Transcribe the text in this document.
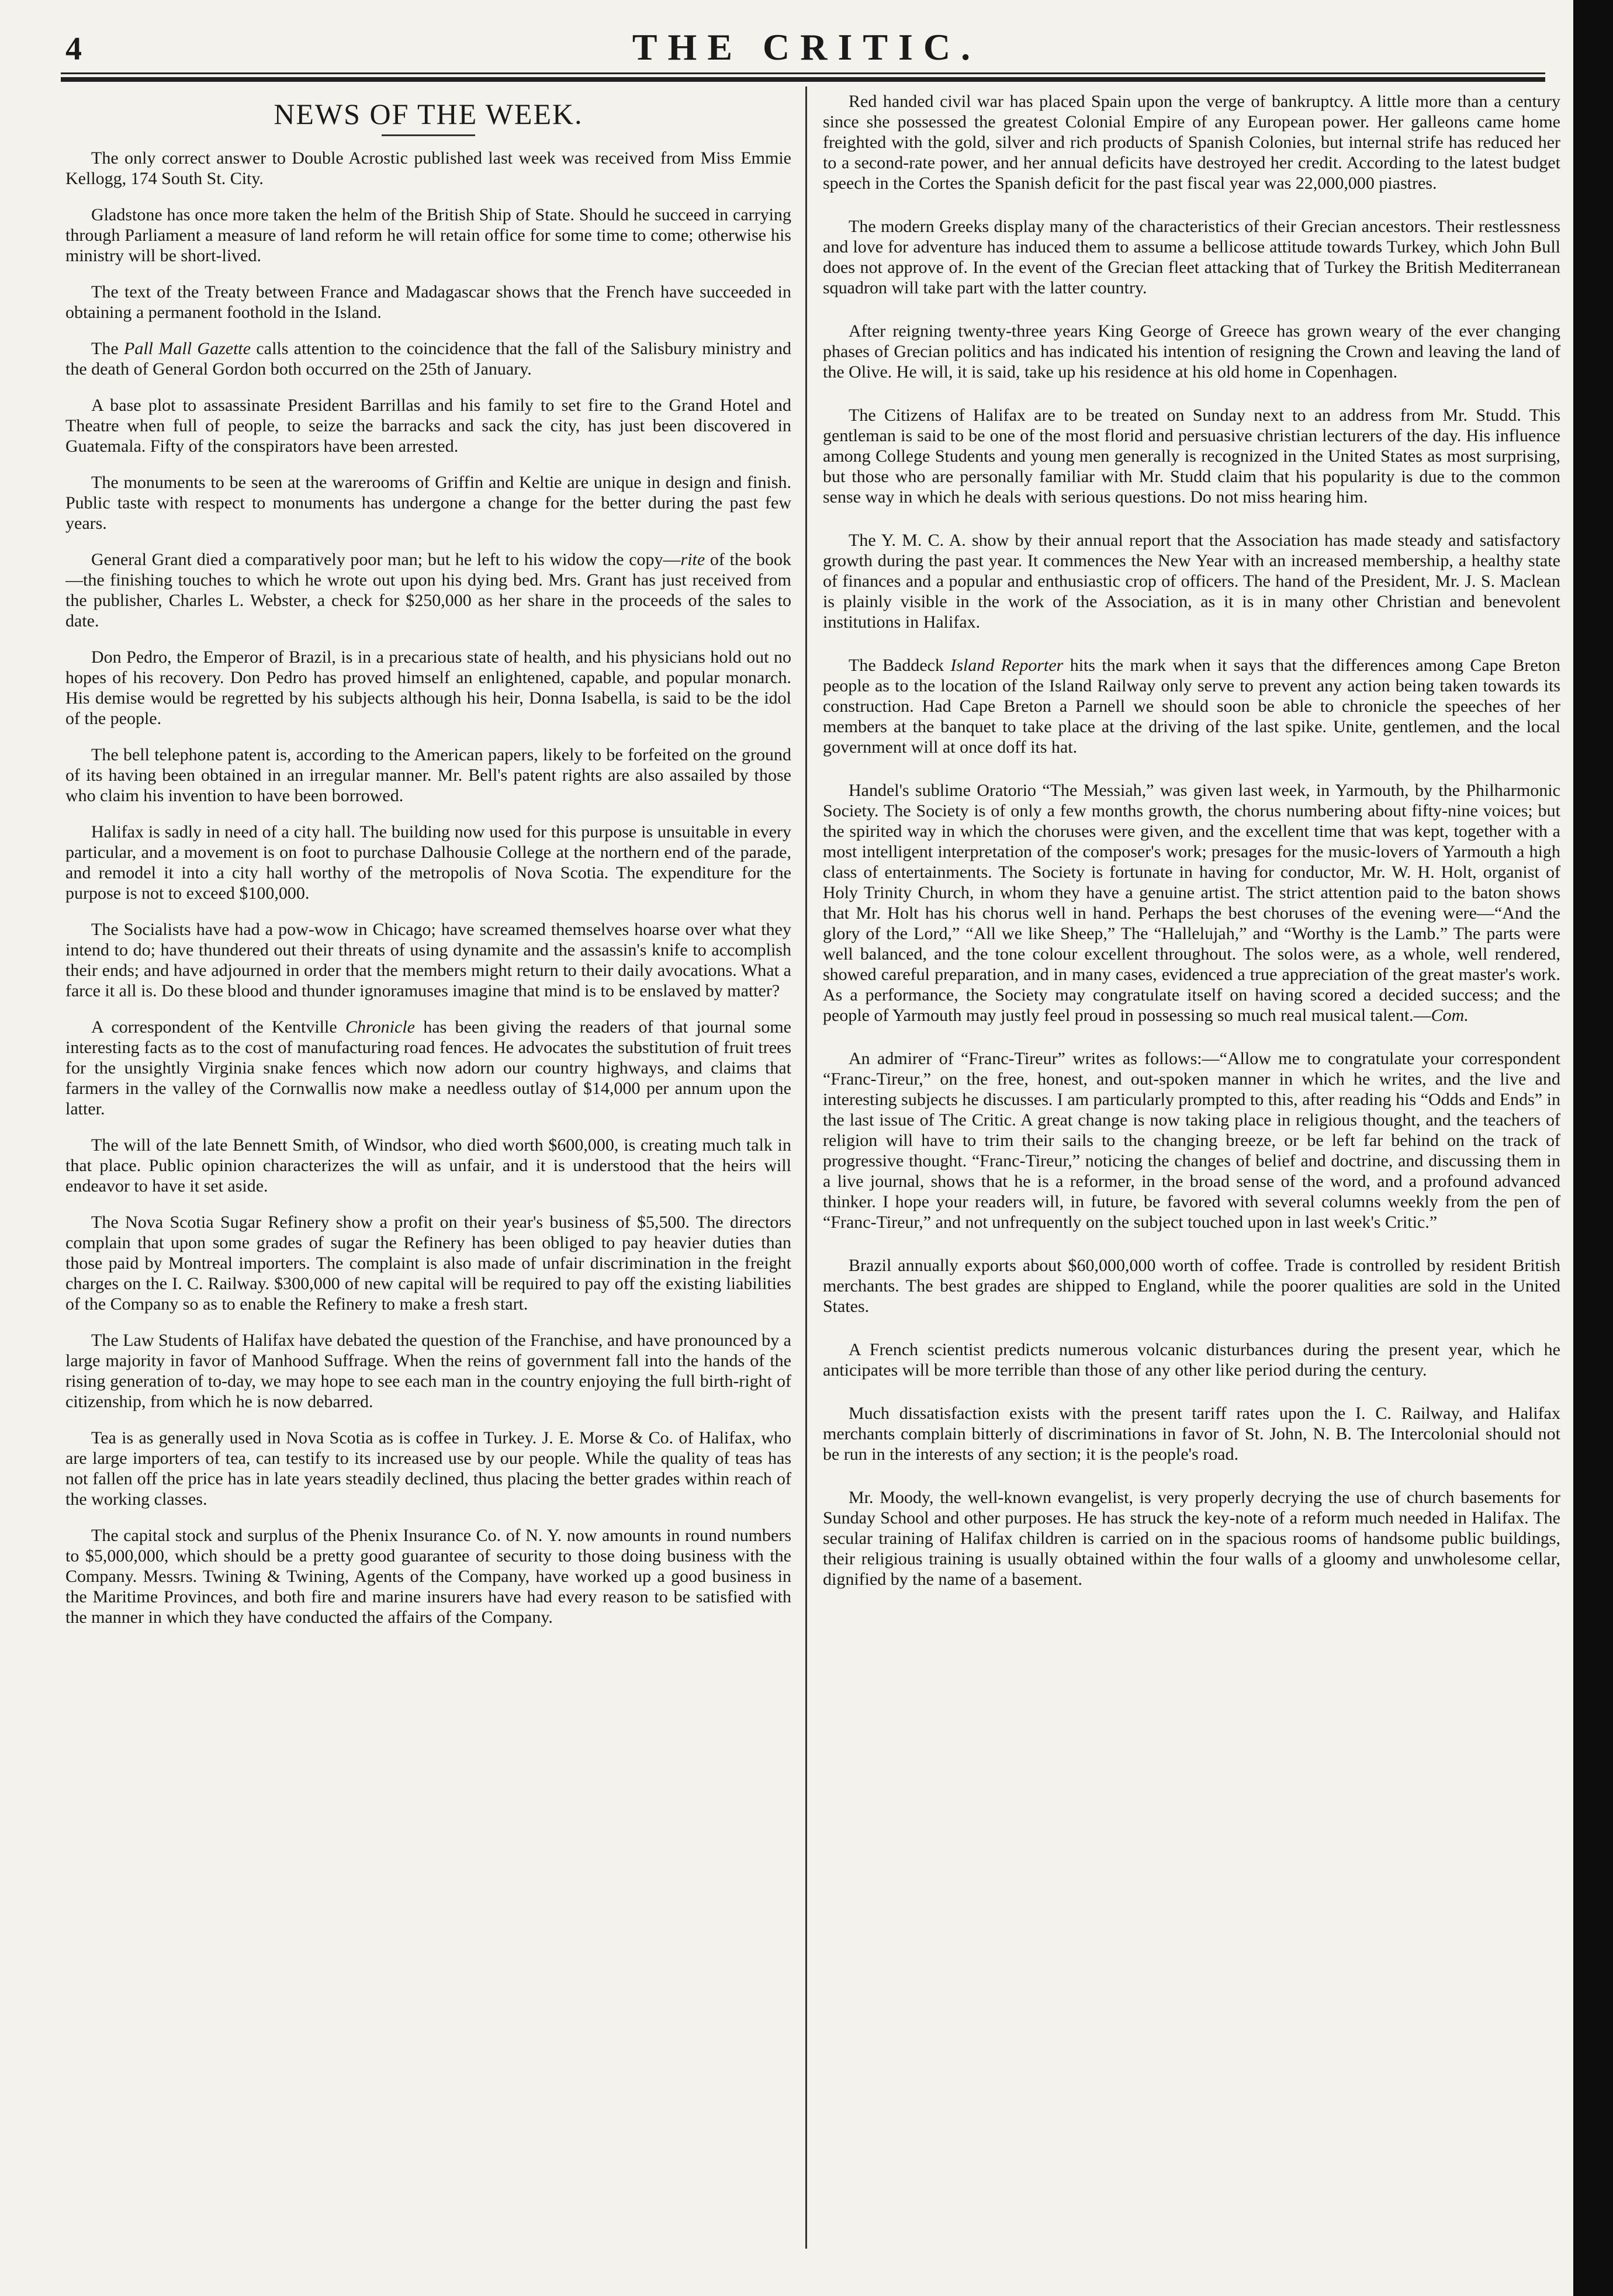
4	THE CRITIC.
NEWS OF THE WEEK.

The only correct answer to Double Acrostic published last week was received from Miss Emmie Kellogg, 174 South St. City.

Gladstone has once more taken the helm of the British Ship of State. Should he succeed in carrying through Parliament a measure of land reform he will retain office for some time to come; otherwise his ministry will be short-lived.

The text of the Treaty between France and Madagascar shows that the French have succeeded in obtaining a permanent foothold in the Island.

The Pall Mall Gazette calls attention to the coincidence that the fall of the Salisbury ministry and the death of General Gordon both occurred on the 25th of January.

A base plot to assassinate President Barrillas and his family to set fire to the Grand Hotel and Theatre when full of people, to seize the barracks and sack the city, has just been discovered in Guatemala. Fifty of the conspirators have been arrested.

The monuments to be seen at the warerooms of Griffin and Keltie are unique in design and finish. Public taste with respect to monuments has undergone a change for the better during the past few years.

General Grant died a comparatively poor man; but he left to his widow the copy—rite of the book—the finishing touches to which he wrote out upon his dying bed. Mrs. Grant has just received from the publisher, Charles L. Webster, a check for $250,000 as her share in the proceeds of the sales to date.

Don Pedro, the Emperor of Brazil, is in a precarious state of health, and his physicians hold out no hopes of his recovery. Don Pedro has proved himself an enlightened, capable, and popular monarch. His demise would be regretted by his subjects although his heir, Donna Isabella, is said to be the idol of the people.

The bell telephone patent is, according to the American papers, likely to be forfeited on the ground of its having been obtained in an irregular manner. Mr. Bell's patent rights are also assailed by those who claim his invention to have been borrowed.

Halifax is sadly in need of a city hall. The building now used for this purpose is unsuitable in every particular, and a movement is on foot to purchase Dalhousie College at the northern end of the parade, and remodel it into a city hall worthy of the metropolis of Nova Scotia. The expenditure for the purpose is not to exceed $100,000.

The Socialists have had a pow-wow in Chicago; have screamed themselves hoarse over what they intend to do; have thundered out their threats of using dynamite and the assassin's knife to accomplish their ends; and have adjourned in order that the members might return to their daily avocations. What a farce it all is. Do these blood and thunder ignoramuses imagine that mind is to be enslaved by matter?

A correspondent of the Kentville Chronicle has been giving the readers of that journal some interesting facts as to the cost of manufacturing road fences. He advocates the substitution of fruit trees for the unsightly Virginia snake fences which now adorn our country highways, and claims that farmers in the valley of the Cornwallis now make a needless outlay of $14,000 per annum upon the latter.

The will of the late Bennett Smith, of Windsor, who died worth $600,000, is creating much talk in that place. Public opinion characterizes the will as unfair, and it is understood that the heirs will endeavor to have it set aside.

The Nova Scotia Sugar Refinery show a profit on their year's business of $5,500. The directors complain that upon some grades of sugar the Refinery has been obliged to pay heavier duties than those paid by Montreal importers. The complaint is also made of unfair discrimination in the freight charges on the I. C. Railway. $300,000 of new capital will be required to pay off the existing liabilities of the Company so as to enable the Refinery to make a fresh start.

The Law Students of Halifax have debated the question of the Franchise, and have pronounced by a large majority in favor of Manhood Suffrage. When the reins of government fall into the hands of the rising generation of to-day, we may hope to see each man in the country enjoying the full birth-right of citizenship, from which he is now debarred.

Tea is as generally used in Nova Scotia as is coffee in Turkey. J. E. Morse & Co. of Halifax, who are large importers of tea, can testify to its increased use by our people. While the quality of teas has not fallen off the price has in late years steadily declined, thus placing the better grades within reach of the working classes.

The capital stock and surplus of the Phenix Insurance Co. of N. Y. now amounts in round numbers to $5,000,000, which should be a pretty good guarantee of security to those doing business with the Company. Messrs. Twining & Twining, Agents of the Company, have worked up a good business in the Maritime Provinces, and both fire and marine insurers have had every reason to be satisfied with the manner in which they have conducted the affairs of the Company.

Red handed civil war has placed Spain upon the verge of bankruptcy. A little more than a century since she possessed the greatest Colonial Empire of any European power. Her galleons came home freighted with the gold, silver and rich products of Spanish Colonies, but internal strife has reduced her to a second-rate power, and her annual deficits have destroyed her credit. According to the latest budget speech in the Cortes the Spanish deficit for the past fiscal year was 22,000,000 piastres.

The modern Greeks display many of the characteristics of their Grecian ancestors. Their restlessness and love for adventure has induced them to assume a bellicose attitude towards Turkey, which John Bull does not approve of. In the event of the Grecian fleet attacking that of Turkey the British Mediterranean squadron will take part with the latter country.

After reigning twenty-three years King George of Greece has grown weary of the ever changing phases of Grecian politics and has indicated his intention of resigning the Crown and leaving the land of the Olive. He will, it is said, take up his residence at his old home in Copenhagen.

The Citizens of Halifax are to be treated on Sunday next to an address from Mr. Studd. This gentleman is said to be one of the most florid and persuasive christian lecturers of the day. His influence among College Students and young men generally is recognized in the United States as most surprising, but those who are personally familiar with Mr. Studd claim that his popularity is due to the common sense way in which he deals with serious questions. Do not miss hearing him.

The Y. M. C. A. show by their annual report that the Association has made steady and satisfactory growth during the past year. It commences the New Year with an increased membership, a healthy state of finances and a popular and enthusiastic crop of officers. The hand of the President, Mr. J. S. Maclean is plainly visible in the work of the Association, as it is in many other Christian and benevolent institutions in Halifax.

The Baddeck Island Reporter hits the mark when it says that the differences among Cape Breton people as to the location of the Island Railway only serve to prevent any action being taken towards its construction. Had Cape Breton a Parnell we should soon be able to chronicle the speeches of her members at the banquet to take place at the driving of the last spike. Unite, gentlemen, and the local government will at once doff its hat.

Handel's sublime Oratorio “The Messiah,” was given last week, in Yarmouth, by the Philharmonic Society. The Society is of only a few months growth, the chorus numbering about fifty-nine voices; but the spirited way in which the choruses were given, and the excellent time that was kept, together with a most intelligent interpretation of the composer's work; presages for the music-lovers of Yarmouth a high class of entertainments. The Society is fortunate in having for conductor, Mr. W. H. Holt, organist of Holy Trinity Church, in whom they have a genuine artist. The strict attention paid to the baton shows that Mr. Holt has his chorus well in hand. Perhaps the best choruses of the evening were—“And the glory of the Lord,” “All we like Sheep,” The “Hallelujah,” and “Worthy is the Lamb.” The parts were well balanced, and the tone colour excellent throughout. The solos were, as a whole, well rendered, showed careful preparation, and in many cases, evidenced a true appreciation of the great master's work. As a performance, the Society may congratulate itself on having scored a decided success; and the people of Yarmouth may justly feel proud in possessing so much real musical talent.—Com.

An admirer of “Franc-Tireur” writes as follows:—“Allow me to congratulate your correspondent “Franc-Tireur,” on the free, honest, and out-spoken manner in which he writes, and the live and interesting subjects he discusses. I am particularly prompted to this, after reading his “Odds and Ends” in the last issue of The Critic. A great change is now taking place in religious thought, and the teachers of religion will have to trim their sails to the changing breeze, or be left far behind on the track of progressive thought. “Franc-Tireur,” noticing the changes of belief and doctrine, and discussing them in a live journal, shows that he is a reformer, in the broad sense of the word, and a profound advanced thinker. I hope your readers will, in future, be favored with several columns weekly from the pen of “Franc-Tireur,” and not unfrequently on the subject touched upon in last week's Critic.”

Brazil annually exports about $60,000,000 worth of coffee. Trade is controlled by resident British merchants. The best grades are shipped to England, while the poorer qualities are sold in the United States.

A French scientist predicts numerous volcanic disturbances during the present year, which he anticipates will be more terrible than those of any other like period during the century.

Much dissatisfaction exists with the present tariff rates upon the I. C. Railway, and Halifax merchants complain bitterly of discriminations in favor of St. John, N. B. The Intercolonial should not be run in the interests of any section; it is the people's road.

Mr. Moody, the well-known evangelist, is very properly decrying the use of church basements for Sunday School and other purposes. He has struck the key-note of a reform much needed in Halifax. The secular training of Halifax children is carried on in the spacious rooms of handsome public buildings, their religious training is usually obtained within the four walls of a gloomy and unwholesome cellar, dignified by the name of a basement.
